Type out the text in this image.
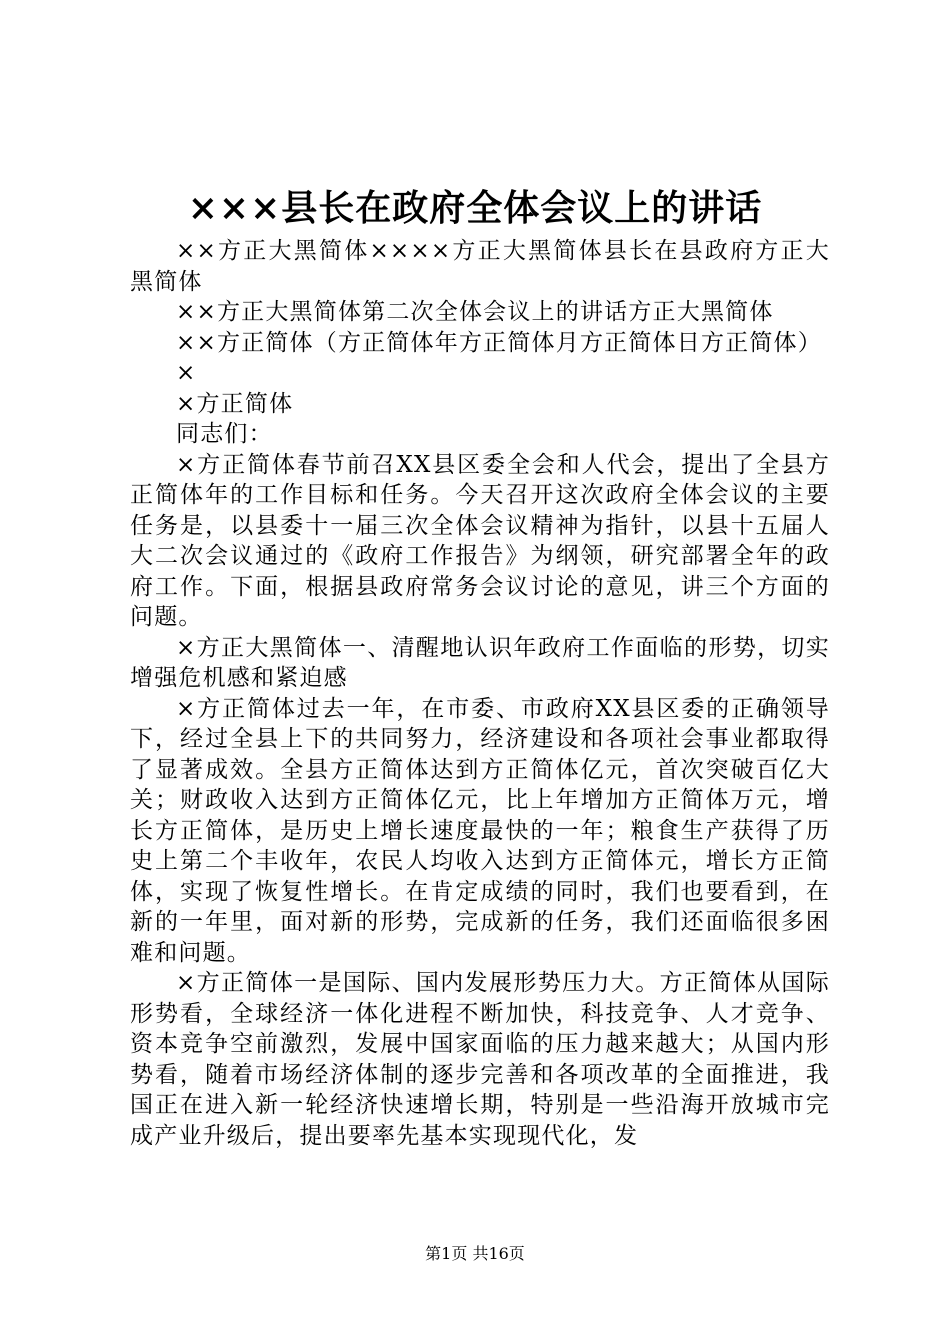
×××县长在政府全体会议上的讲话

××方正大黑简体××××方正大黑简体县长在县政府方正大黑简体

××方正大黑简体第二次全体会议上的讲话方正大黑简体

××方正简体（方正简体年方正简体月方正简体日方正简体）

×

×方正简体

同志们：

×方正简体春节前召XX县区委全会和人代会，提出了全县方正简体年的工作目标和任务。今天召开这次政府全体会议的主要任务是，以县委十一届三次全体会议精神为指针，以县十五届人大二次会议通过的《政府工作报告》为纲领，研究部署全年的政府工作。下面，根据县政府常务会议讨论的意见，讲三个方面的问题。

×方正大黑简体一、清醒地认识年政府工作面临的形势，切实增强危机感和紧迫感

×方正简体过去一年，在市委、市政府XX县区委的正确领导下，经过全县上下的共同努力，经济建设和各项社会事业都取得了显著成效。全县方正简体达到方正简体亿元，首次突破百亿大关；财政收入达到方正简体亿元，比上年增加方正简体万元，增长方正简体，是历史上增长速度最快的一年；粮食生产获得了历史上第二个丰收年，农民人均收入达到方正简体元，增长方正简体，实现了恢复性增长。在肯定成绩的同时，我们也要看到，在新的一年里，面对新的形势，完成新的任务，我们还面临很多困难和问题。

×方正简体一是国际、国内发展形势压力大。方正简体从国际形势看，全球经济一体化进程不断加快，科技竞争、人才竞争、资本竞争空前激烈，发展中国家面临的压力越来越大；从国内形势看，随着市场经济体制的逐步完善和各项改革的全面推进，我国正在进入新一轮经济快速增长期，特别是一些沿海开放城市完成产业升级后，提出要率先基本实现现代化，发

第1页 共16页
